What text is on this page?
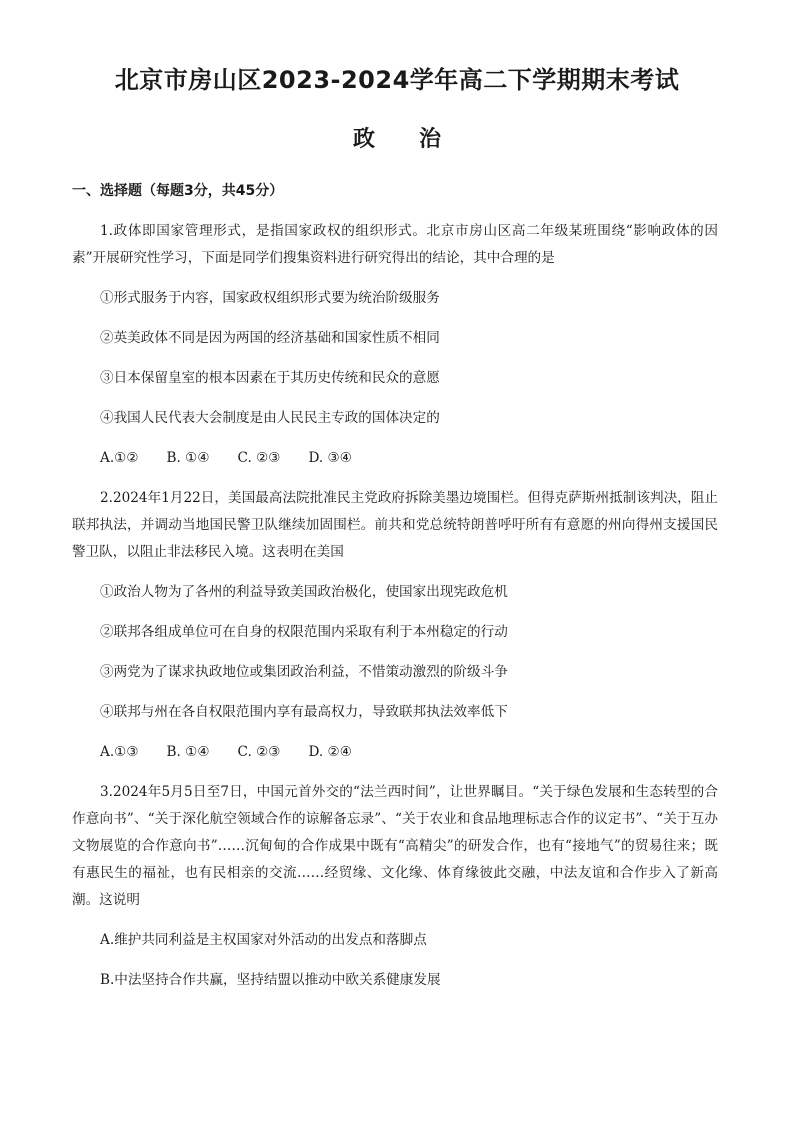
北京市房山区2023-2024学年高二下学期期末考试
政治
一、选择题（每题3分，共45分）

1.政体即国家管理形式，是指国家政权的组织形式。北京市房山区高二年级某班围绕“影响政体的因素”开展研究性学习，下面是同学们搜集资料进行研究得出的结论，其中合理的是

①形式服务于内容，国家政权组织形式要为统治阶级服务

②英美政体不同是因为两国的经济基础和国家性质不相同

③日本保留皇室的根本因素在于其历史传统和民众的意愿

④我国人民代表大会制度是由人民民主专政的国体决定的

A.①② B. ①④ C. ②③ D. ③④

2.2024年1月22日，美国最高法院批准民主党政府拆除美墨边境围栏。但得克萨斯州抵制该判决，阻止联邦执法，并调动当地国民警卫队继续加固围栏。前共和党总统特朗普呼吁所有有意愿的州向得州支援国民警卫队，以阻止非法移民入境。这表明在美国

①政治人物为了各州的利益导致美国政治极化，使国家出现宪政危机

②联邦各组成单位可在自身的权限范围内采取有利于本州稳定的行动

③两党为了谋求执政地位或集团政治利益，不惜策动激烈的阶级斗争

④联邦与州在各自权限范围内享有最高权力，导致联邦执法效率低下

A.①③ B. ①④ C. ②③ D. ②④

3.2024年5月5日至7日，中国元首外交的“法兰西时间”，让世界瞩目。“关于绿色发展和生态转型的合作意向书”、“关于深化航空领域合作的谅解备忘录”、“关于农业和食品地理标志合作的议定书”、“关于互办文物展览的合作意向书”……沉甸甸的合作成果中既有“高精尖”的研发合作，也有“接地气”的贸易往来；既有惠民生的福祉，也有民相亲的交流……经贸缘、文化缘、体育缘彼此交融，中法友谊和合作步入了新高潮。这说明

A.维护共同利益是主权国家对外活动的出发点和落脚点

B.中法坚持合作共赢，坚持结盟以推动中欧关系健康发展
